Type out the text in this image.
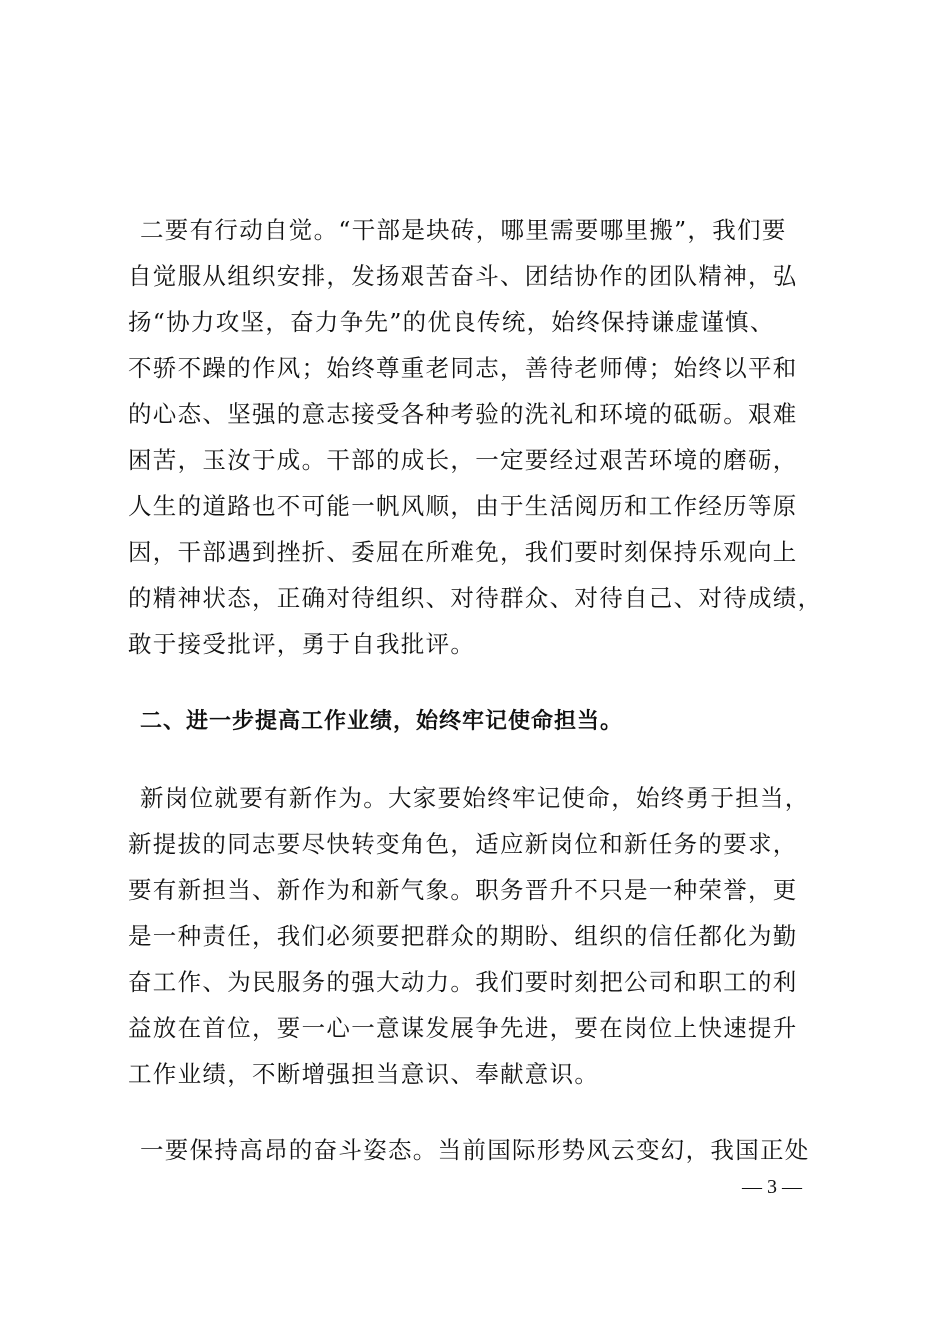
二要有行动自觉。“干部是块砖，哪里需要哪里搬”，我们要
自觉服从组织安排，发扬艰苦奋斗、团结协作的团队精神，弘
扬“协力攻坚，奋力争先”的优良传统，始终保持谦虚谨慎、
不骄不躁的作风；始终尊重老同志，善待老师傅；始终以平和
的心态、坚强的意志接受各种考验的洗礼和环境的砥砺。艰难
困苦，玉汝于成。干部的成长，一定要经过艰苦环境的磨砺，
人生的道路也不可能一帆风顺，由于生活阅历和工作经历等原
因，干部遇到挫折、委屈在所难免，我们要时刻保持乐观向上
的精神状态，正确对待组织、对待群众、对待自己、对待成绩，
敢于接受批评，勇于自我批评。
二、进一步提高工作业绩，始终牢记使命担当。
新岗位就要有新作为。大家要始终牢记使命，始终勇于担当，
新提拔的同志要尽快转变角色，适应新岗位和新任务的要求，
要有新担当、新作为和新气象。职务晋升不只是一种荣誉，更
是一种责任，我们必须要把群众的期盼、组织的信任都化为勤
奋工作、为民服务的强大动力。我们要时刻把公司和职工的利
益放在首位，要一心一意谋发展争先进，要在岗位上快速提升
工作业绩，不断增强担当意识、奉献意识。
一要保持高昂的奋斗姿态。当前国际形势风云变幻，我国正处
— 3 —
